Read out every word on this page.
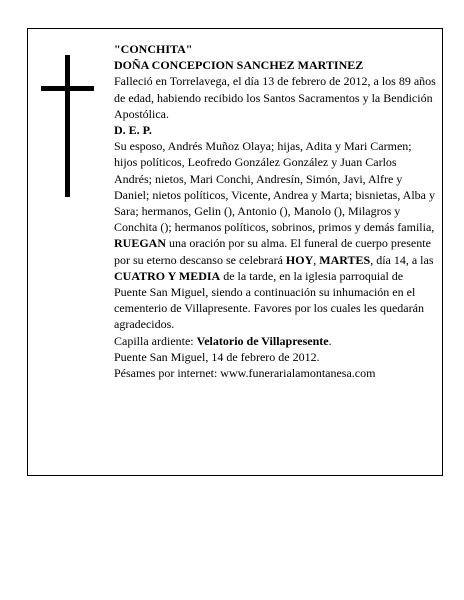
"CONCHITA"

DOÑA CONCEPCION SANCHEZ MARTINEZ

Falleció en Torrelavega, el día 13 de febrero de 2012, a los 89 años de edad, habiendo recibido los Santos Sacramentos y la Bendición Apostólica.

D. E. P.

Su esposo, Andrés Muñoz Olaya; hijas, Adita y Mari Carmen; hijos políticos, Leofredo González González y Juan Carlos Andrés; nietos, Mari Conchi, Andresín, Simón, Javi, Alfre y Daniel; nietos políticos, Vicente, Andrea y Marta; bisnietas, Alba y Sara; hermanos, Gelin (), Antonio (), Manolo (), Milagros y Conchita (); hermanos políticos, sobrinos, primos y demás familia, RUEGAN una oración por su alma. El funeral de cuerpo presente por su eterno descanso se celebrará HOY, MARTES, día 14, a las CUATRO Y MEDIA de la tarde, en la iglesia parroquial de Puente San Miguel, siendo a continuación su inhumación en el cementerio de Villapresente. Favores por los cuales les quedarán agradecidos.

Capilla ardiente: Velatorio de Villapresente.

Puente San Miguel, 14 de febrero de 2012.

Pésames por internet: www.funerarialamontanesa.com
